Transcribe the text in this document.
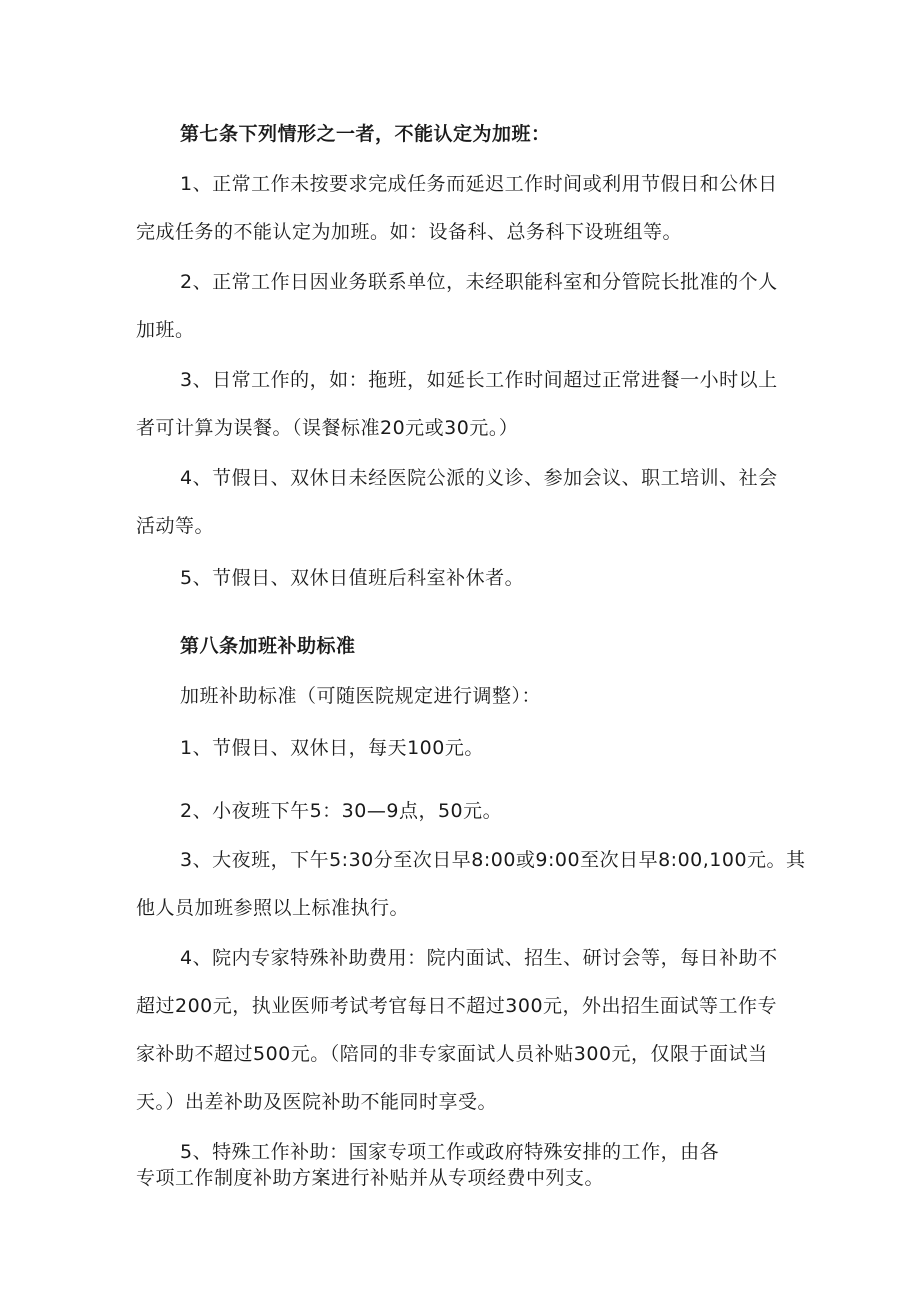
第七条下列情形之一者，不能认定为加班：
1、正常工作未按要求完成任务而延迟工作时间或利用节假日和公休日
完成任务的不能认定为加班。如：设备科、总务科下设班组等。
2、正常工作日因业务联系单位，未经职能科室和分管院长批准的个人
加班。
3、日常工作的，如：拖班，如延长工作时间超过正常进餐一小时以上
者可计算为误餐。（误餐标准20元或30元。）
4、节假日、双休日未经医院公派的义诊、参加会议、职工培训、社会
活动等。
5、节假日、双休日值班后科室补休者。
第八条加班补助标准
加班补助标准（可随医院规定进行调整）：
1、节假日、双休日，每天100元。
2、小夜班下午5：30—9点，50元。
3、大夜班，下午5:30分至次日早8:00或9:00至次日早8:00,100元。其
他人员加班参照以上标准执行。
4、院内专家特殊补助费用：院内面试、招生、研讨会等，每日补助不
超过200元，执业医师考试考官每日不超过300元，外出招生面试等工作专
家补助不超过500元。（陪同的非专家面试人员补贴300元，仅限于面试当
天。）出差补助及医院补助不能同时享受。
5、特殊工作补助：国家专项工作或政府特殊安排的工作，由各
专项工作制度补助方案进行补贴并从专项经费中列支。
